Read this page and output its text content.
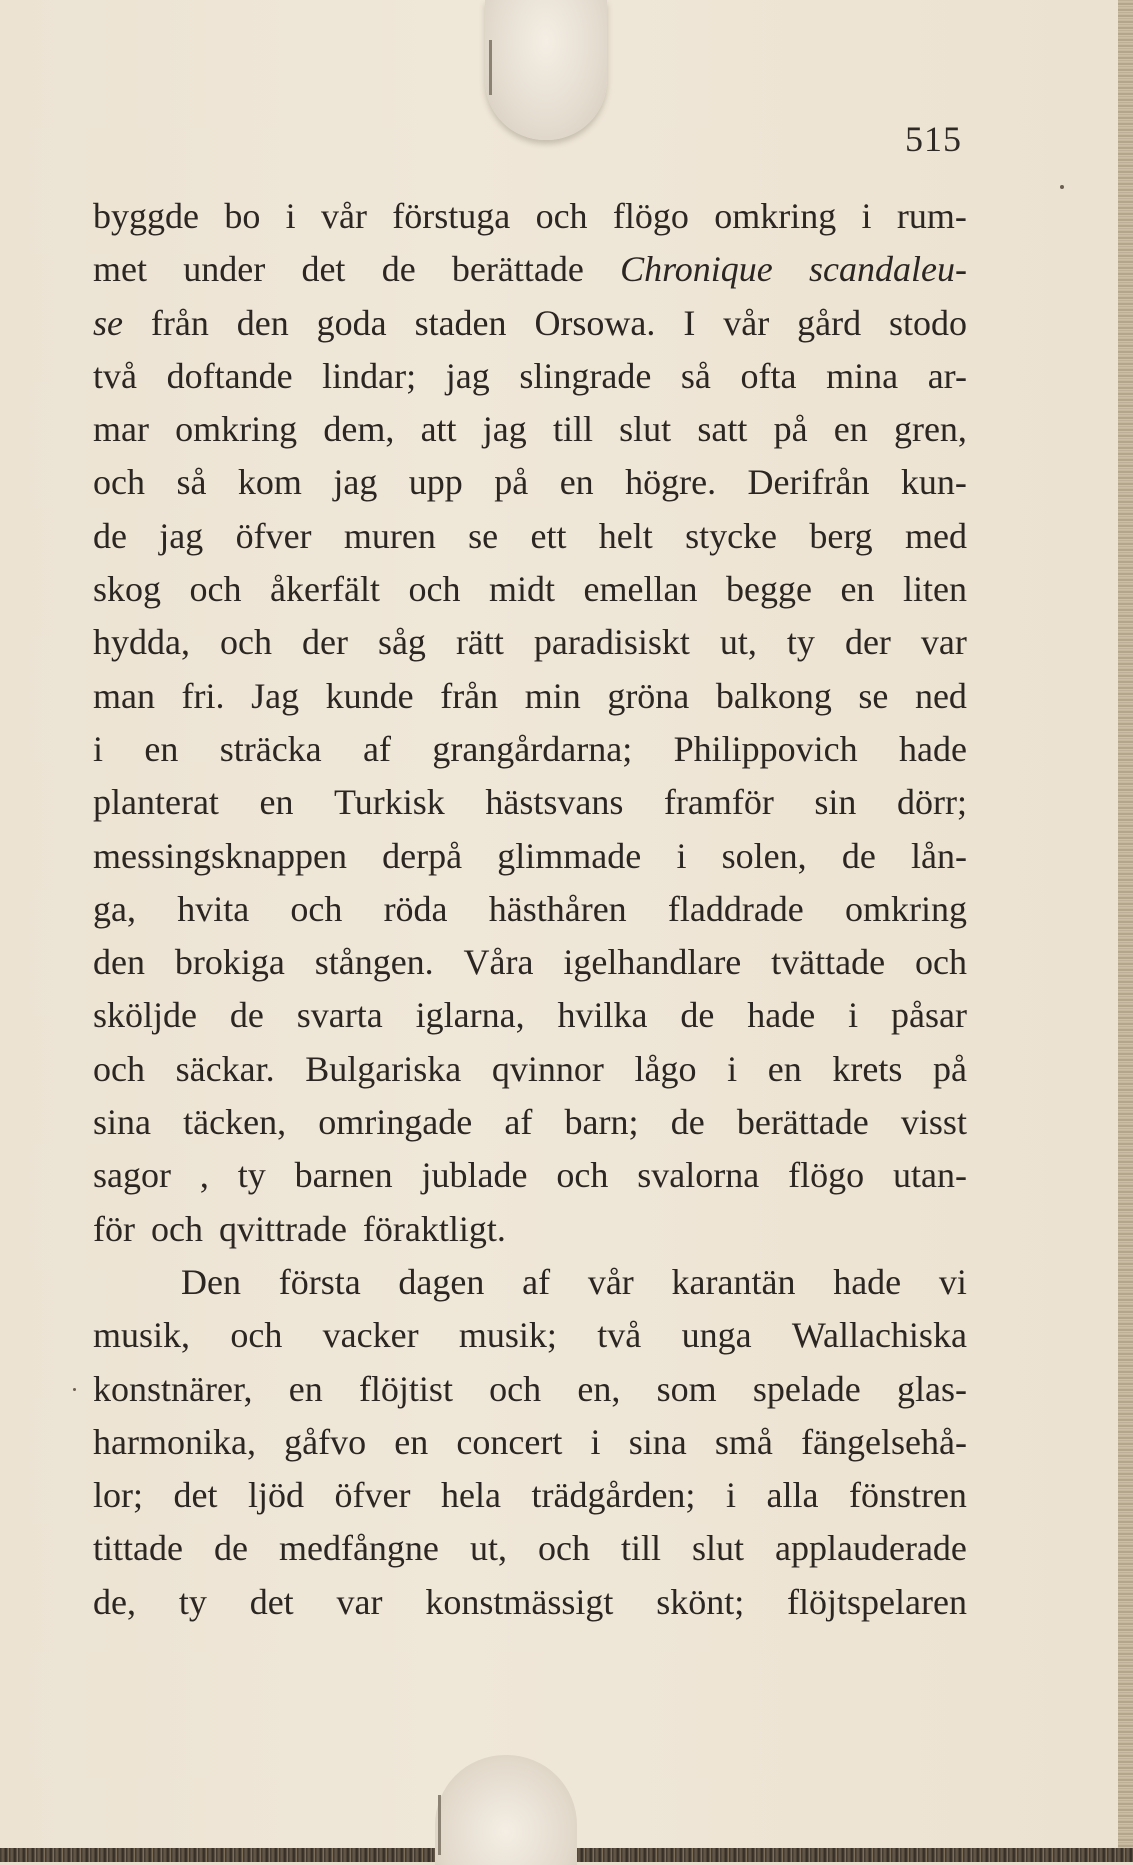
515
byggde bo i vår förstuga och flögo omkring i rum-
met under det de berättade Chronique scandaleu-
se från den goda staden Orsowa. I vår gård stodo
två doftande lindar; jag slingrade så ofta mina ar-
mar omkring dem, att jag till slut satt på en gren,
och så kom jag upp på en högre. Derifrån kun-
de jag öfver muren se ett helt stycke berg med
skog och åkerfält och midt emellan begge en liten
hydda, och der såg rätt paradisiskt ut, ty der var
man fri. Jag kunde från min gröna balkong se ned
i en sträcka af grangårdarna; Philippovich hade
planterat en Turkisk hästsvans framför sin dörr;
messingsknappen derpå glimmade i solen, de lån-
ga, hvita och röda hästhåren fladdrade omkring
den brokiga stången. Våra igelhandlare tvättade och
sköljde de svarta iglarna, hvilka de hade i påsar
och säckar. Bulgariska qvinnor lågo i en krets på
sina täcken, omringade af barn; de berättade visst
sagor , ty barnen jublade och svalorna flögo utan-
för och qvittrade föraktligt.
Den första dagen af vår karantän hade vi
musik, och vacker musik; två unga Wallachiska
konstnärer, en flöjtist och en, som spelade glas-
harmonika, gåfvo en concert i sina små fängelsehå-
lor; det ljöd öfver hela trädgården; i alla fönstren
tittade de medfångne ut, och till slut applauderade
de, ty det var konstmässigt skönt; flöjtspelaren
